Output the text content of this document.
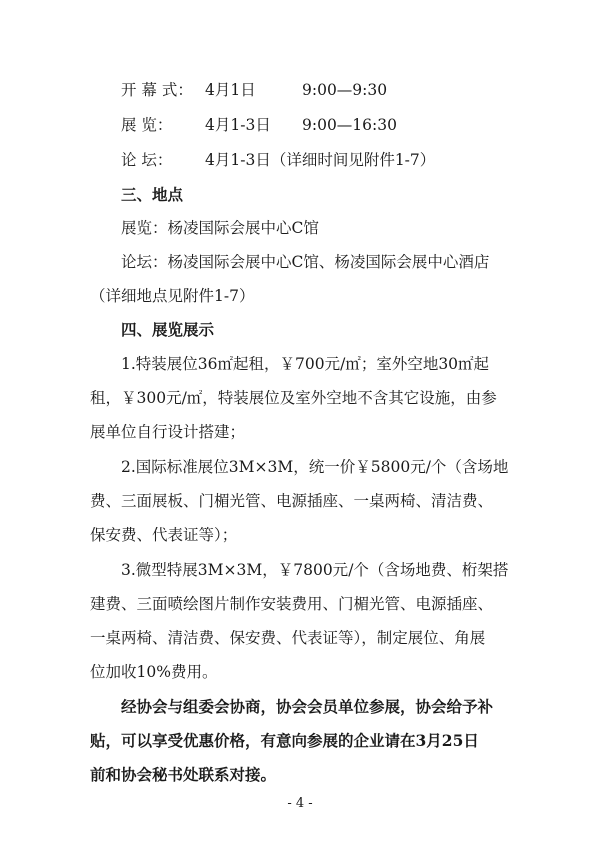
开 幕 式： 4月1日	9:00—9:30
展 览： 4月1-3日 9:00—16:30
论 坛： 4月1-3日（详细时间见附件1-7）
三、地点
展览：杨凌国际会展中心C馆
论坛：杨凌国际会展中心C馆、杨凌国际会展中心酒店
（详细地点见附件1-7）
四、展览展示
1.特装展位36㎡起租，￥700元/㎡；室外空地30㎡起
租，￥300元/㎡，特装展位及室外空地不含其它设施，由参
展单位自行设计搭建；
2.国际标准展位3M×3M，统一价￥5800元/个（含场地
费、三面展板、门楣光管、电源插座、一桌两椅、清洁费、
保安费、代表证等）；
3.微型特展3M×3M，￥7800元/个（含场地费、桁架搭
建费、三面喷绘图片制作安装费用、门楣光管、电源插座、
一桌两椅、清洁费、保安费、代表证等），制定展位、角展
位加收10%费用。
经协会与组委会协商，协会会员单位参展，协会给予补
贴，可以享受优惠价格，有意向参展的企业请在3月25日
前和协会秘书处联系对接。
- 4 -
